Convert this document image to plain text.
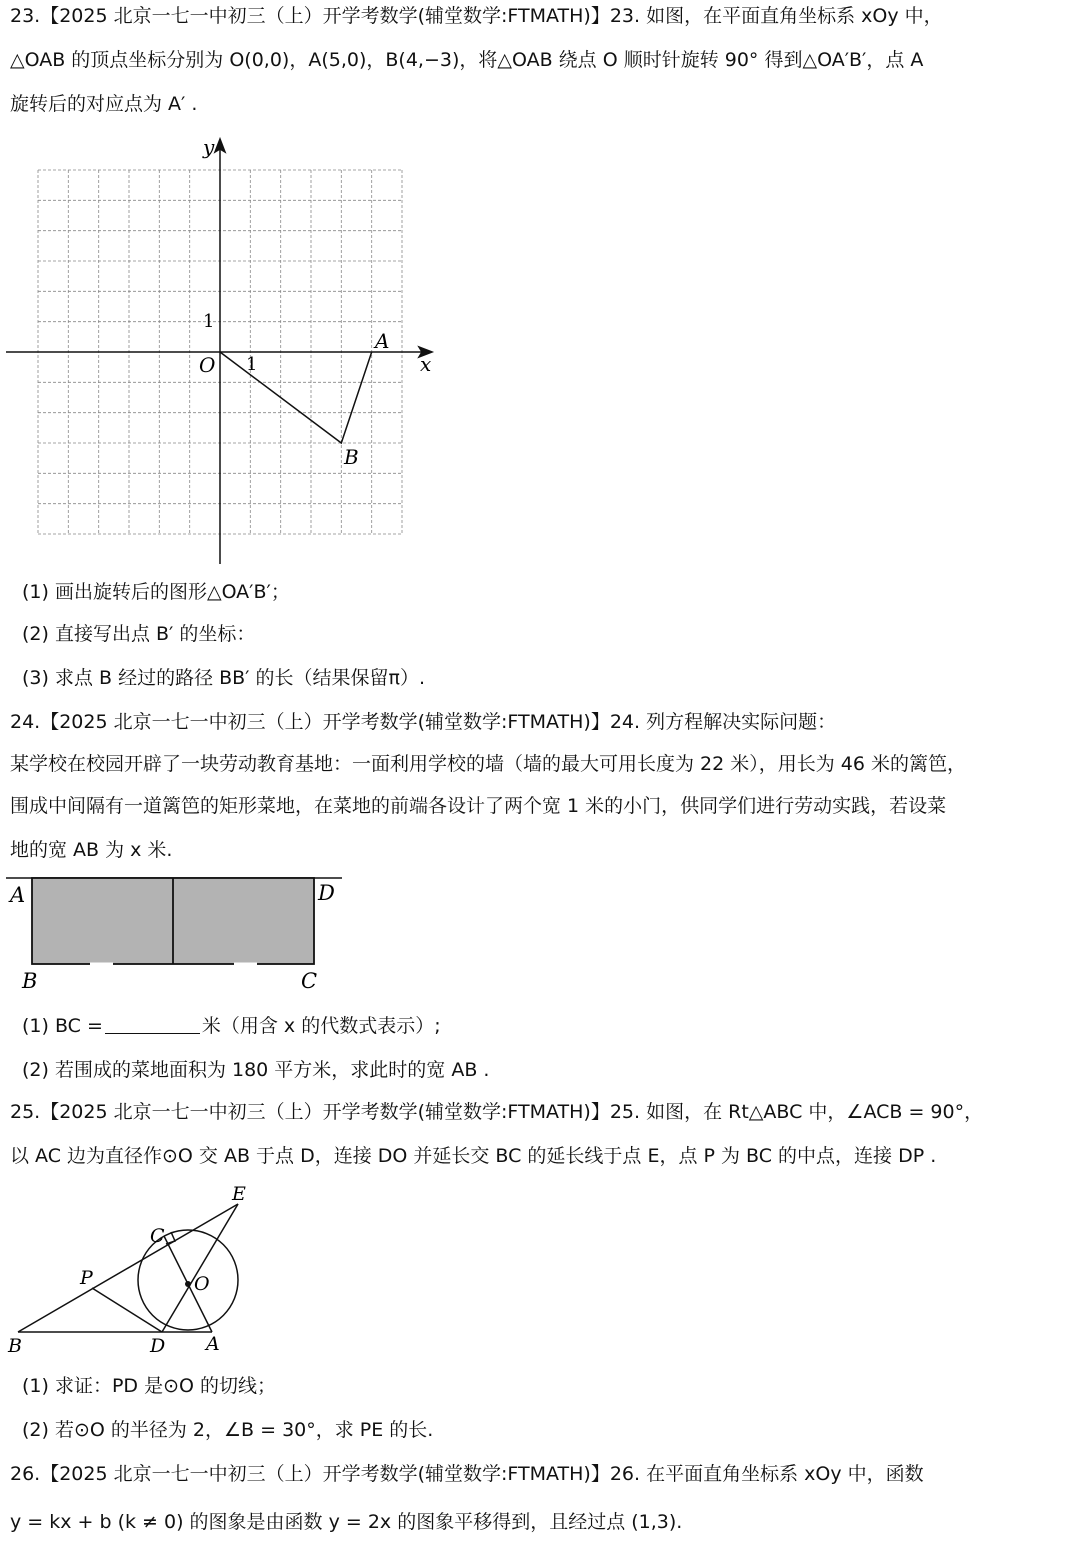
23.【2025 北京一七一中初三（上）开学考数学(辅堂数学:FTMATH)】23. 如图，在平面直角坐标系 xOy 中，
△OAB 的顶点坐标分别为 O(0,0)，A(5,0)，B(4,−3)，将△OAB 绕点 O 顺时针旋转 90° 得到△OA′B′，点 A
旋转后的对应点为 A′ .
y
x
O 1
1
A
B
(1) 画出旋转后的图形△OA′B′；
(2) 直接写出点 B′ 的坐标：
(3) 求点 B 经过的路径 BB′ 的长（结果保留π）.
24.【2025 北京一七一中初三（上）开学考数学(辅堂数学:FTMATH)】24. 列方程解决实际问题：
某学校在校园开辟了一块劳动教育基地：一面利用学校的墙（墙的最大可用长度为 22 米），用长为 46 米的篱笆，
围成中间隔有一道篱笆的矩形菜地，在菜地的前端各设计了两个宽 1 米的小门，供同学们进行劳动实践，若设菜
地的宽 AB 为 x 米.
A	D
B	C
(1) BC =	米（用含 x 的代数式表示）;
(2) 若围成的菜地面积为 180 平方米，求此时的宽 AB .
25.【2025 北京一七一中初三（上）开学考数学(辅堂数学:FTMATH)】25. 如图，在 Rt△ABC 中，∠ACB = 90°，
以 AC 边为直径作⊙O 交 AB 于点 D，连接 DO 并延长交 BC 的延长线于点 E，点 P 为 BC 的中点，连接 DP .
E
C
P	O
B	D A
(1) 求证：PD 是⊙O 的切线；
(2) 若⊙O 的半径为 2，∠B = 30°，求 PE 的长.
26.【2025 北京一七一中初三（上）开学考数学(辅堂数学:FTMATH)】26. 在平面直角坐标系 xOy 中，函数
y = kx + b (k ≠ 0) 的图象是由函数 y = 2x 的图象平移得到，且经过点 (1,3).
